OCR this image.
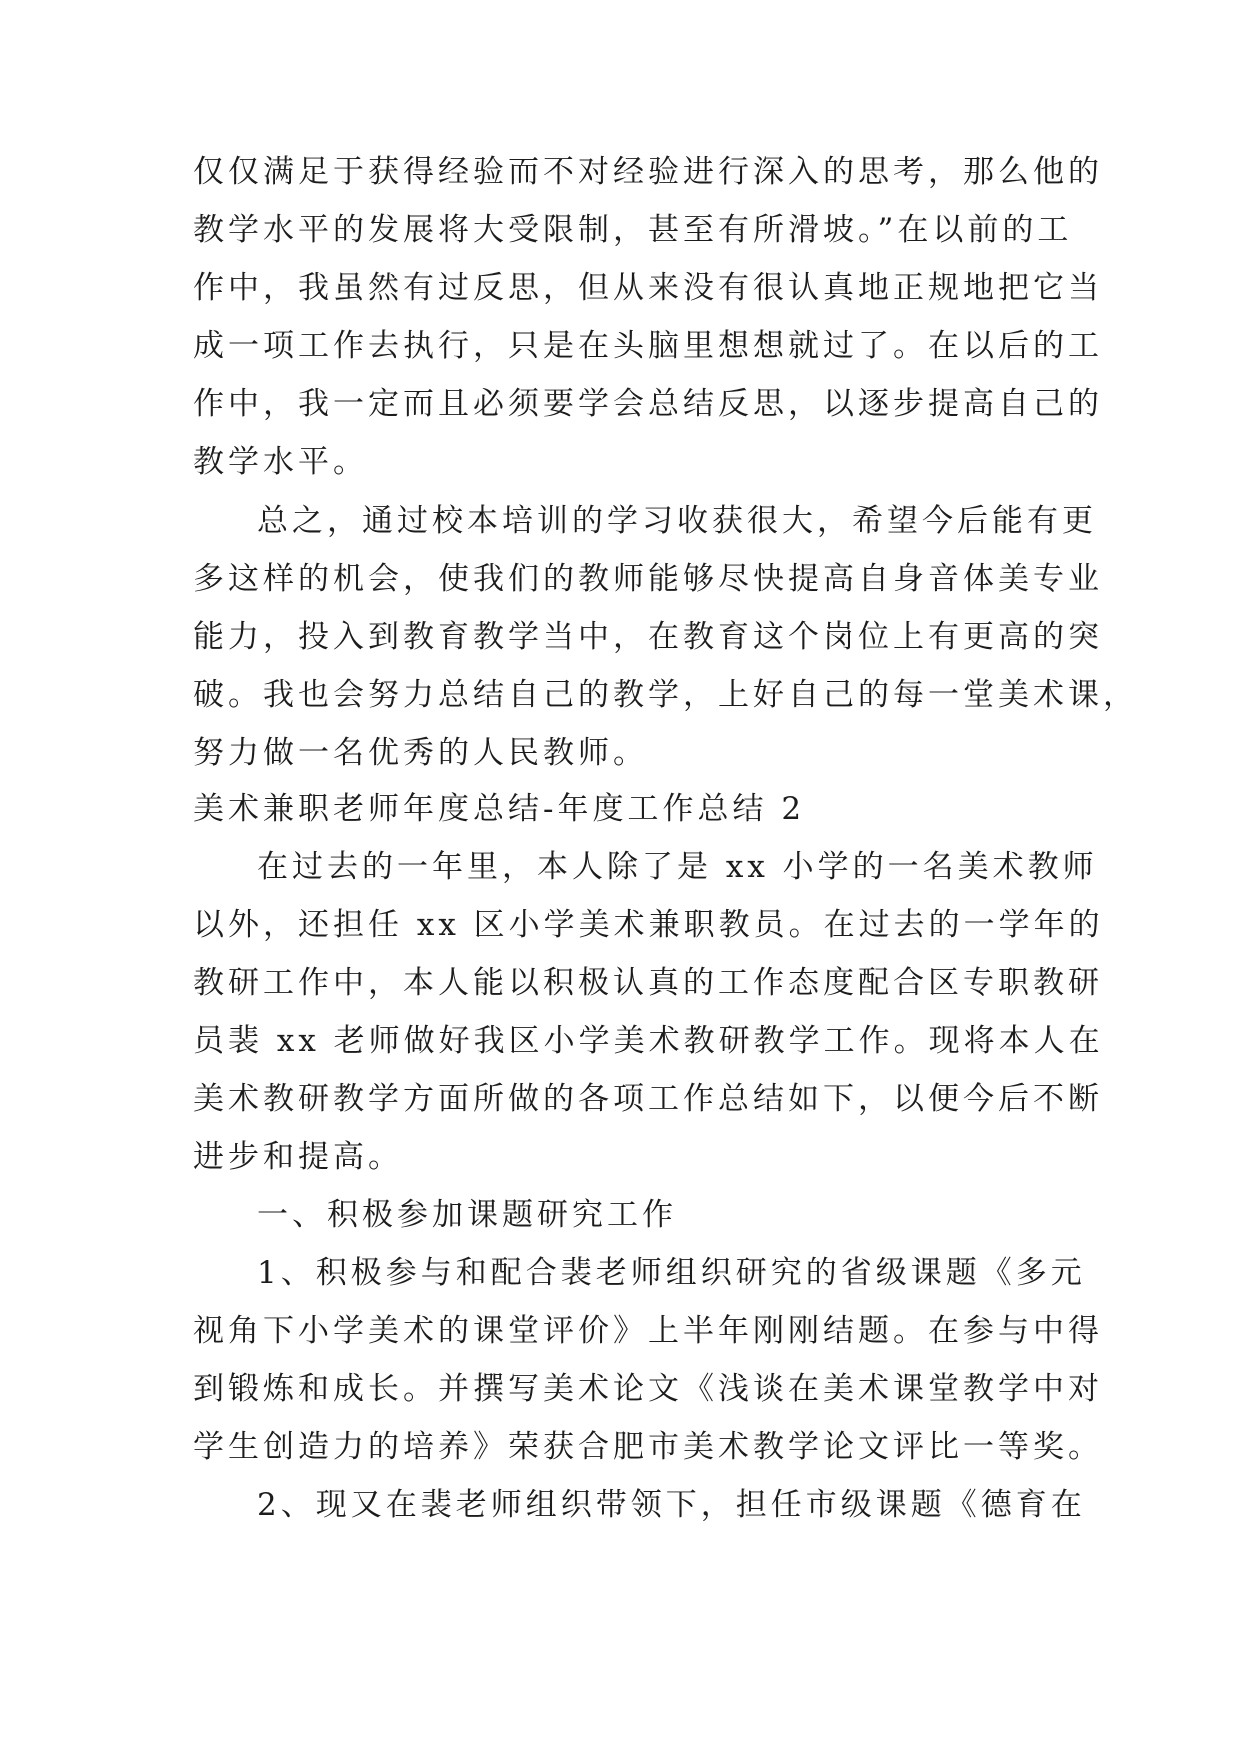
仅仅满足于获得经验而不对经验进行深入的思考，那么他的
教学水平的发展将大受限制，甚至有所滑坡。”在以前的工
作中，我虽然有过反思，但从来没有很认真地正规地把它当
成一项工作去执行，只是在头脑里想想就过了。在以后的工
作中，我一定而且必须要学会总结反思，以逐步提高自己的
教学水平。
总之，通过校本培训的学习收获很大，希望今后能有更
多这样的机会，使我们的教师能够尽快提高自身音体美专业
能力，投入到教育教学当中，在教育这个岗位上有更高的突
破。我也会努力总结自己的教学，上好自己的每一堂美术课，
努力做一名优秀的人民教师。
美术兼职老师年度总结-年度工作总结 2
在过去的一年里，本人除了是 xx 小学的一名美术教师
以外，还担任 xx 区小学美术兼职教员。在过去的一学年的
教研工作中，本人能以积极认真的工作态度配合区专职教研
员裴 xx 老师做好我区小学美术教研教学工作。现将本人在
美术教研教学方面所做的各项工作总结如下，以便今后不断
进步和提高。
一、积极参加课题研究工作
1、积极参与和配合裴老师组织研究的省级课题《多元
视角下小学美术的课堂评价》上半年刚刚结题。在参与中得
到锻炼和成长。并撰写美术论文《浅谈在美术课堂教学中对
学生创造力的培养》荣获合肥市美术教学论文评比一等奖。
2、现又在裴老师组织带领下，担任市级课题《德育在
